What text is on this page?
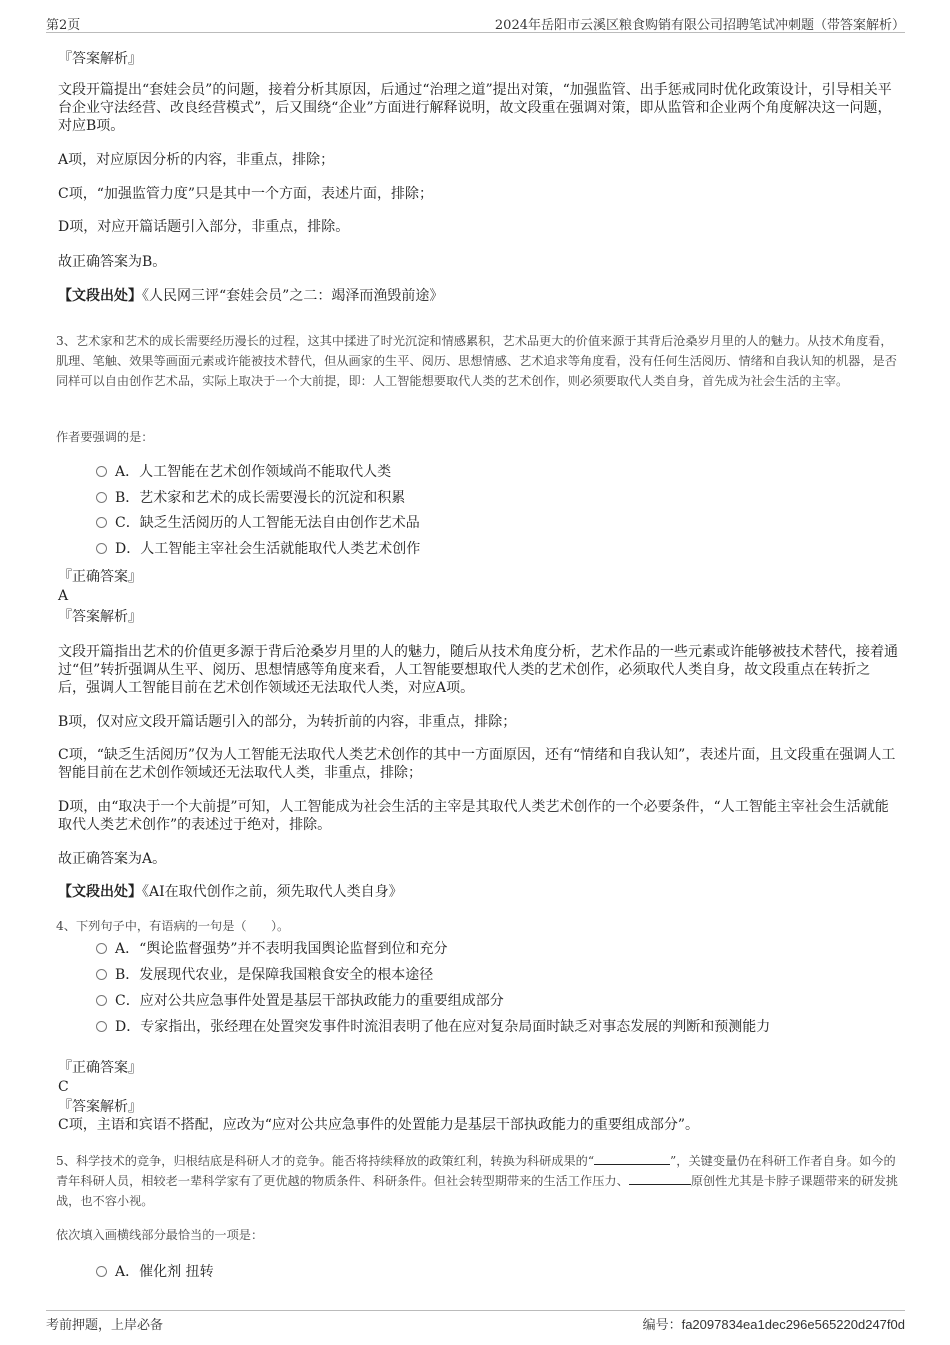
第2页	2024年岳阳市云溪区粮食购销有限公司招聘笔试冲刺题（带答案解析）
『答案解析』
文段开篇提出“套娃会员”的问题，接着分析其原因，后通过“治理之道”提出对策，“加强监管、出手惩戒同时优化政策设计，引导相关平台企业守法经营、改良经营模式”，后又围绕“企业”方面进行解释说明，故文段重在强调对策，即从监管和企业两个角度解决这一问题，对应B项。
A项，对应原因分析的内容，非重点，排除；
C项，“加强监管力度”只是其中一个方面，表述片面，排除；
D项，对应开篇话题引入部分，非重点，排除。
故正确答案为B。
【文段出处】《人民网三评“套娃会员”之二：竭泽而渔毁前途》
3、艺术家和艺术的成长需要经历漫长的过程，这其中揉进了时光沉淀和情感累积，艺术品更大的价值来源于其背后沧桑岁月里的人的魅力。从技术角度看，肌理、笔触、效果等画面元素或许能被技术替代，但从画家的生平、阅历、思想情感、艺术追求等角度看，没有任何生活阅历、情绪和自我认知的机器，是否同样可以自由创作艺术品，实际上取决于一个大前提，即：人工智能想要取代人类的艺术创作，则必须要取代人类自身，首先成为社会生活的主宰。
作者要强调的是：
A．人工智能在艺术创作领域尚不能取代人类
B．艺术家和艺术的成长需要漫长的沉淀和积累
C．缺乏生活阅历的人工智能无法自由创作艺术品
D．人工智能主宰社会生活就能取代人类艺术创作
『正确答案』
A
『答案解析』
文段开篇指出艺术的价值更多源于背后沧桑岁月里的人的魅力，随后从技术角度分析，艺术作品的一些元素或许能够被技术替代，接着通过“但”转折强调从生平、阅历、思想情感等角度来看，人工智能要想取代人类的艺术创作，必须取代人类自身，故文段重点在转折之后，强调人工智能目前在艺术创作领域还无法取代人类，对应A项。
B项，仅对应文段开篇话题引入的部分，为转折前的内容，非重点，排除；
C项，“缺乏生活阅历”仅为人工智能无法取代人类艺术创作的其中一方面原因，还有“情绪和自我认知”，表述片面，且文段重在强调人工智能目前在艺术创作领域还无法取代人类，非重点，排除；
D项，由“取决于一个大前提”可知，人工智能成为社会生活的主宰是其取代人类艺术创作的一个必要条件，“人工智能主宰社会生活就能取代人类艺术创作”的表述过于绝对，排除。
故正确答案为A。
【文段出处】《AI在取代创作之前，须先取代人类自身》
4、下列句子中，有语病的一句是（　　）。
A．“舆论监督强势”并不表明我国舆论监督到位和充分
B．发展现代农业，是保障我国粮食安全的根本途径
C．应对公共应急事件处置是基层干部执政能力的重要组成部分
D．专家指出，张经理在处置突发事件时流泪表明了他在应对复杂局面时缺乏对事态发展的判断和预测能力
『正确答案』
C
『答案解析』
C项，主语和宾语不搭配，应改为“应对公共应急事件的处置能力是基层干部执政能力的重要组成部分”。
5、科学技术的竞争，归根结底是科研人才的竞争。能否将持续释放的政策红利，转换为科研成果的“	”，关键变量仍在科研工作者自身。如今的青年科研人员，相较老一辈科学家有了更优越的物质条件、科研条件。但社会转型期带来的生活工作压力、	原创性尤其是卡脖子课题带来的研发挑战，也不容小视。
依次填入画横线部分最恰当的一项是：
A．催化剂 扭转
考前押题，上岸必备	编号：fa2097834ea1dec296e565220d247f0d
